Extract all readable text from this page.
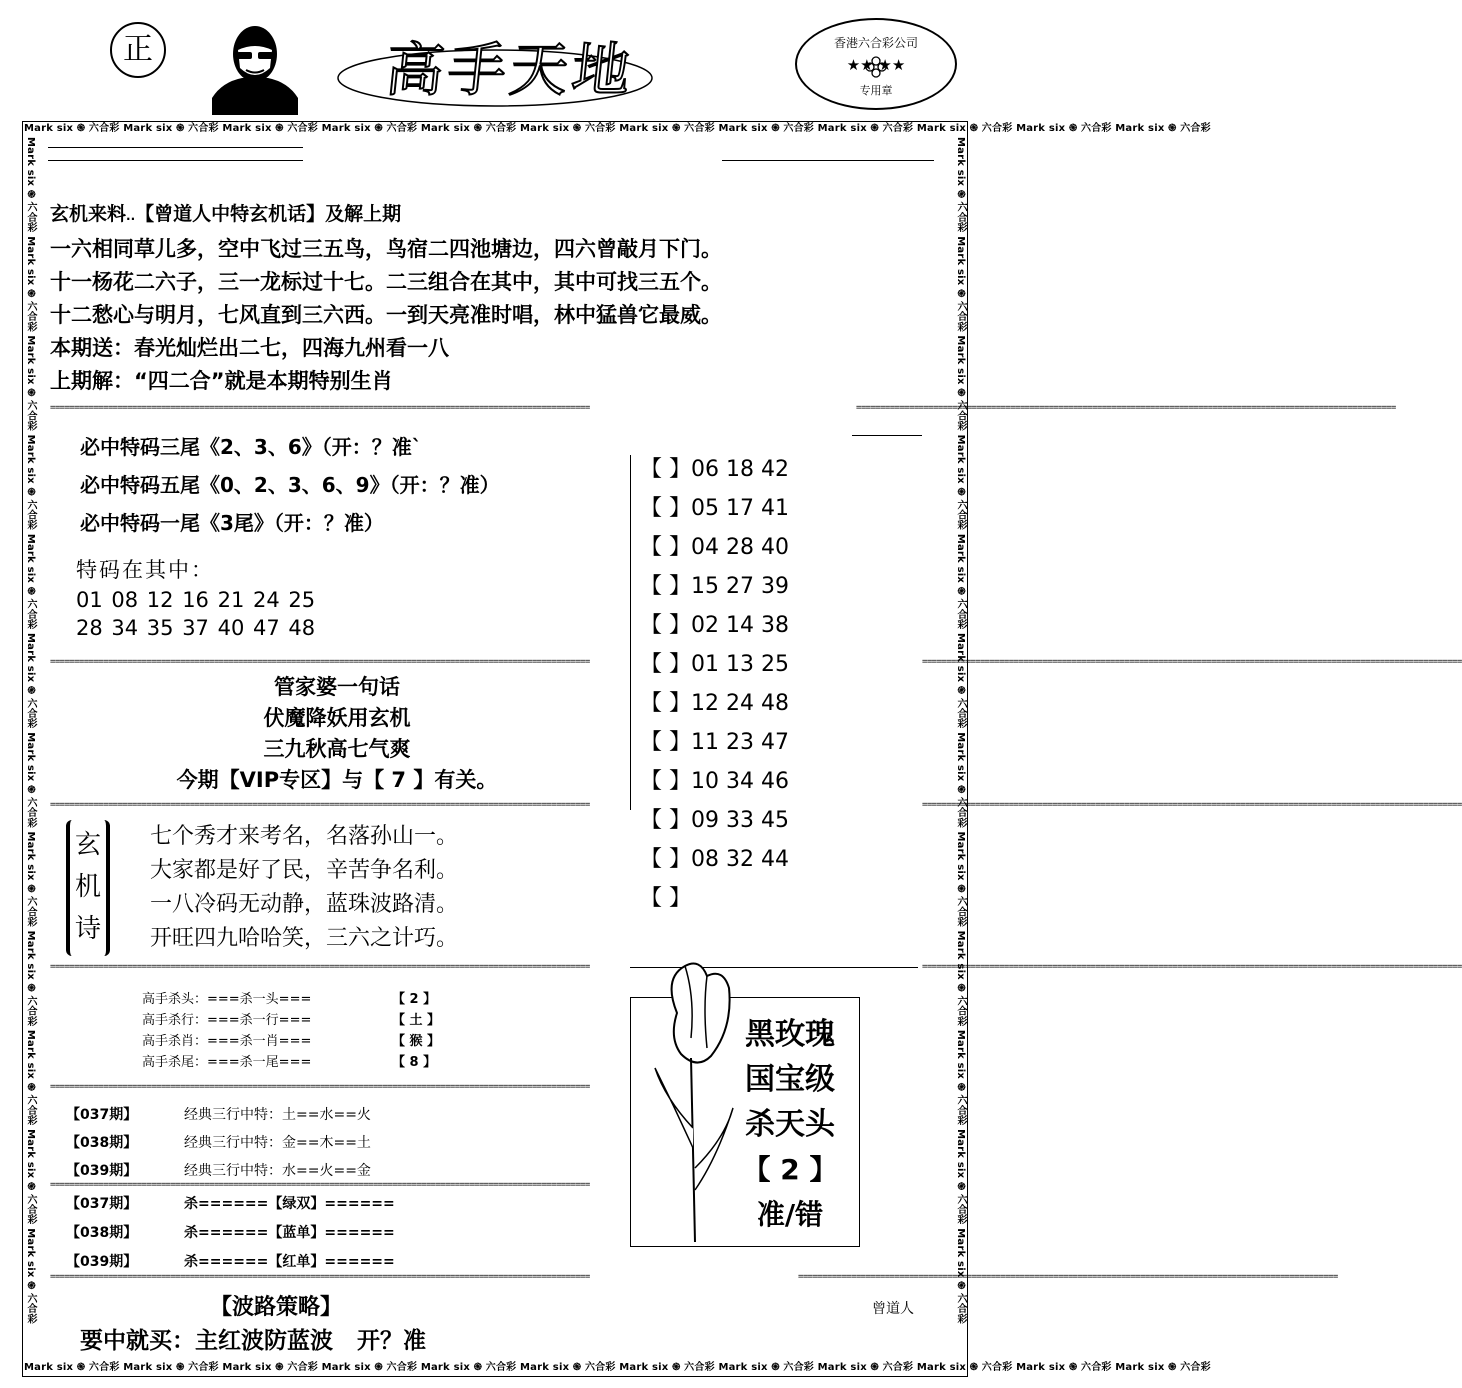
正	高手天地	香港六合彩公司
★★ ★★
专用章
Mark six ֍ 六合彩 Mark six ֍ 六合彩 Mark six ֍ 六合彩 Mark six ֍ 六合彩 Mark six ֍ 六合彩 Mark six ֍ 六合彩 Mark six ֍ 六合彩 Mark six ֍ 六合彩 Mark six ֍ 六合彩 Mark six ֍ 六合彩 Mark six ֍ 六合彩 Mark six ֍ 六合彩
Mark six ֍ 六合彩 Mark six ֍ 六合彩 Mark six ֍ 六合彩 Mark six ֍ 六合彩 Mark six ֍ 六合彩 Mark six ֍ 六合彩 Mark six ֍ 六合彩 Mark six ֍ 六合彩 Mark six ֍ 六合彩 Mark six ֍ 六合彩 Mark six ֍ 六合彩 Mark six ֍ 六合彩
Mark six ֍ 六合彩 Mark six ֍ 六合彩 Mark six ֍ 六合彩 Mark six ֍ 六合彩 Mark six ֍ 六合彩 Mark six ֍ 六合彩 Mark six ֍ 六合彩 Mark six ֍ 六合彩 Mark six ֍ 六合彩 Mark six ֍ 六合彩 Mark six ֍ 六合彩 Mark six ֍ 六合彩	Mark six ֍ 六合彩 Mark six ֍ 六合彩 Mark six ֍ 六合彩 Mark six ֍ 六合彩 Mark six ֍ 六合彩 Mark six ֍ 六合彩 Mark six ֍ 六合彩 Mark six ֍ 六合彩 Mark six ֍ 六合彩 Mark six ֍ 六合彩 Mark six ֍ 六合彩 Mark six ֍ 六合彩
玄机来料..【曾道人中特玄机话】及解上期
一六相同草儿多，空中飞过三五鸟，鸟宿二四池塘边，四六曾敲月下门。
十一杨花二六子，三一龙标过十七。二三组合在其中，其中可找三五个。
十二愁心与明月，七风直到三六西。一到天亮准时唱，林中猛兽它最威。
本期送：春光灿烂出二七，四海九州看一八
上期解：“四二合”就是本期特别生肖
================================================================================================================	================================================================================================================
必中特码三尾《2、3、6》（开：？准`
必中特码五尾《0、2、3、6、9》（开：？准）
必中特码一尾《3尾》（开：？准）
特码在其中：
01 08 12 16 21 24 25
28 34 35 37 40 47 48
【 】06 18 42
【 】05 17 41
【 】04 28 40
【 】15 27 39
【 】02 14 38
【 】01 13 25
【 】12 24 48
【 】11 23 47
【 】10 34 46
【 】09 33 45
【 】08 32 44
【 】
================================================================================================================	================================================================================================================
管家婆一句话
伏魔降妖用玄机
三九秋高七气爽
今期【VIP专区】与【 7 】有关。
================================================================================================================	================================================================================================================
玄
机
诗
七个秀才来考名，名落孙山一。
大家都是好了民，辛苦争名利。
一八冷码无动静，蓝珠波路清。
开旺四九哈哈笑，三六之计巧。
================================================================================================================	================================================================================================================
高手杀头：===杀一头===	【 2 】
高手杀行：===杀一行===	【 土 】
高手杀肖：===杀一肖===	【 猴 】
高手杀尾：===杀一尾===	【 8 】
================================================================================================================
【037期】	经典三行中特：土==水==火
【038期】	经典三行中特：金==木==土
【039期】	经典三行中特：水==火==金
================================================================================================================
【037期】	杀======【绿双】======
【038期】	杀======【蓝单】======
【039期】	杀======【红单】======
黑玫瑰
国宝级
杀天头
【 2 】
准/错
================================================================================================================	================================================================================================================
【波路策略】
要中就买：主红波防蓝波   开？准
曾道人
